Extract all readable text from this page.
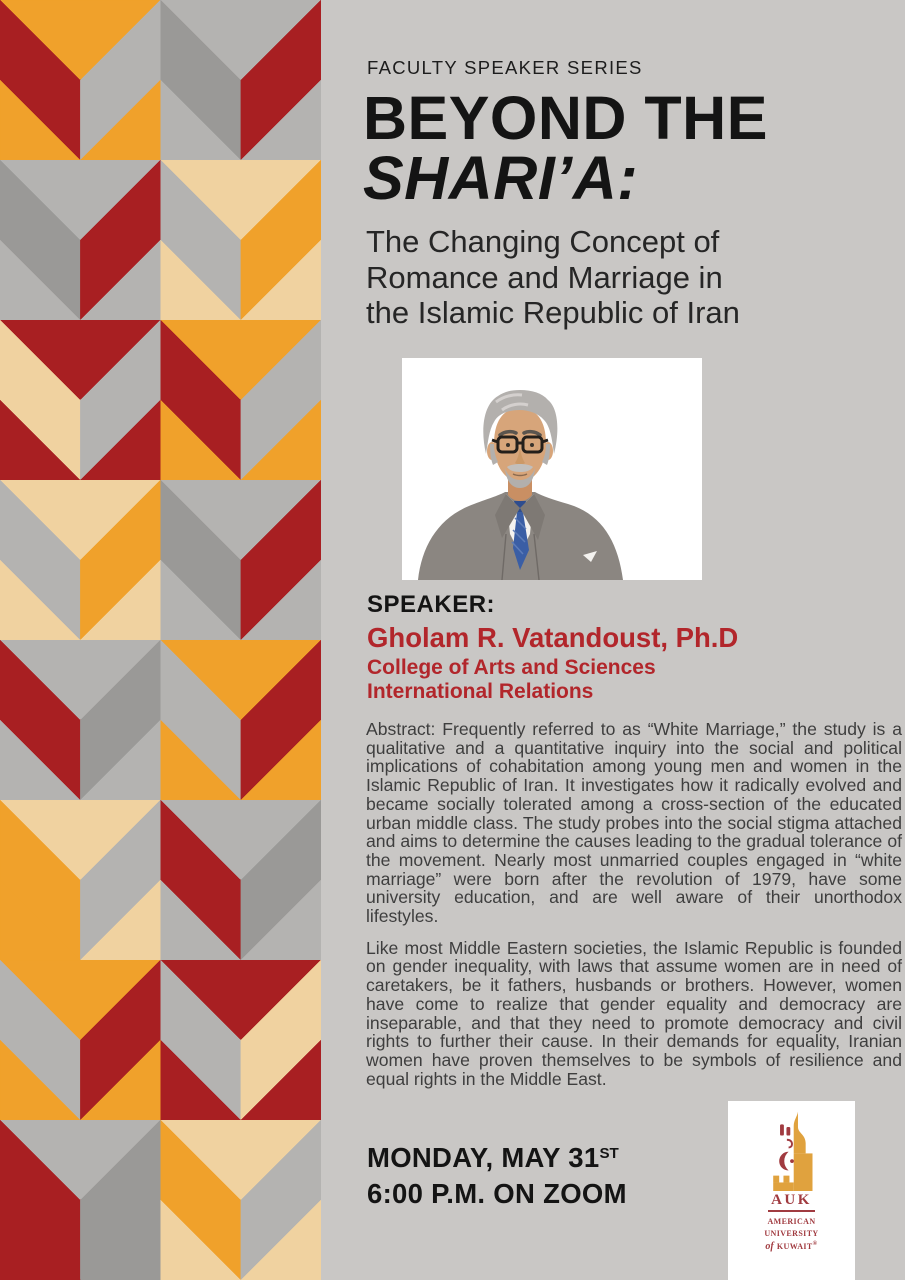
FACULTY SPEAKER SERIES
BEYOND THE
SHARI’A:
The Changing Concept of
Romance and Marriage in
the Islamic Republic of Iran
SPEAKER:
Gholam R. Vatandoust, Ph.D
College of Arts and Sciences
International Relations

Abstract: Frequently referred to as “White Marriage,” the study is a qualitative and a quantitative inquiry into the social and political implications of cohabitation among young men and women in the Islamic Republic of Iran. It investigates how it radically evolved and became socially tolerated among a cross-section of the educated urban middle class. The study probes into the social stigma attached and aims to determine the causes leading to the gradual tolerance of the movement. Nearly most unmarried couples engaged in “white marriage” were born after the revolution of 1979, have some university education, and are well aware of their unorthodox lifestyles.

Like most Middle Eastern societies, the Islamic Republic is founded on gender inequality, with laws that assume women are in need of caretakers, be it fathers, husbands or brothers. However, women have come to realize that gender equality and democracy are inseparable, and that they need to promote democracy and civil rights to further their cause. In their demands for equality, Iranian women have proven themselves to be symbols of resilience and equal rights in the Middle East.

MONDAY, MAY 31ST
6:00 P.M. ON ZOOM	AUK
american
university
of kuwait®
